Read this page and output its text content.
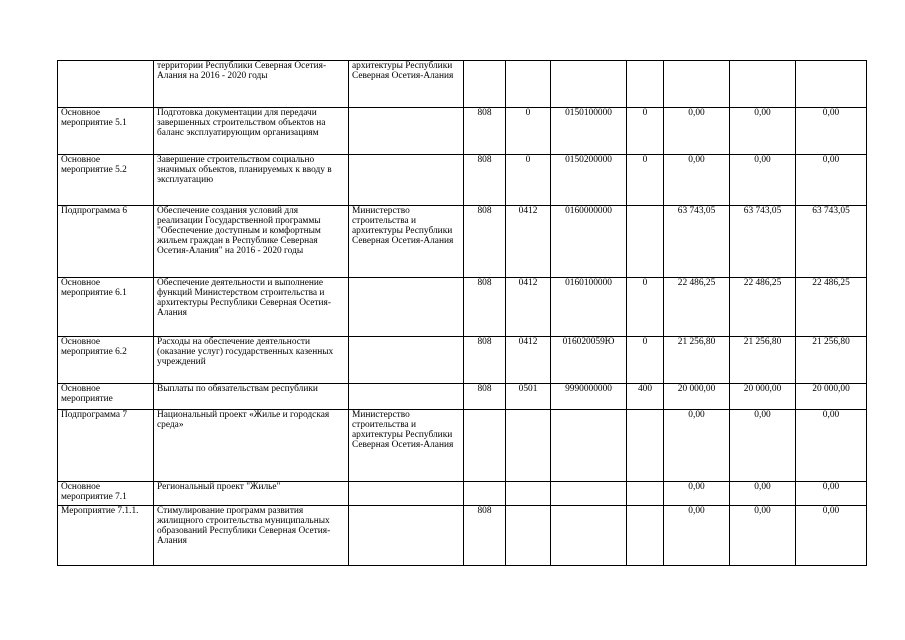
	территории Республики Северная Осетия-Алания на 2016 - 2020 годы	архитектуры Республики Северная Осетия-Алания							
Основное мероприятие 5.1	Подготовка документации для передачи завершенных строительством объектов на баланс эксплуатирующим организациям		808	0	0150100000	0	0,00	0,00	0,00
Основное мероприятие 5.2	Завершение строительством социально значимых объектов, планируемых к вводу в эксплуатацию		808	0	0150200000	0	0,00	0,00	0,00
Подпрограмма 6	Обеспечение создания условий для реализации Государственной программы "Обеспечение доступным и комфортным жильем граждан в Республике Северная Осетия-Алания" на 2016 - 2020 годы	Министерство строительства и архитектуры Республики Северная Осетия-Алания	808	0412	0160000000		63 743,05	63 743,05	63 743,05
Основное мероприятие 6.1	Обеспечение деятельности и выполнение функций Министерством строительства и архитектуры Республики Северная Осетия-Алания		808	0412	0160100000	0	22 486,25	22 486,25	22 486,25
Основное мероприятие 6.2	Расходы на обеспечение деятельности (оказание услуг) государственных казенных учреждений		808	0412	016020059Ю	0	21 256,80	21 256,80	21 256,80
Основное мероприятие	Выплаты по обязательствам республики		808	0501	9990000000	400	20 000,00	20 000,00	20 000,00
Подпрограмма 7	Национальный проект «Жилье и городская среда»	Министерство строительства и архитектуры Республики Северная Осетия-Алания					0,00	0,00	0,00
Основное мероприятие 7.1	Региональный проект "Жилье"						0,00	0,00	0,00
Мероприятие 7.1.1.	Стимулирование программ развития жилищного строительства муниципальных образований Республики Северная Осетия-Алания		808				0,00	0,00	0,00
